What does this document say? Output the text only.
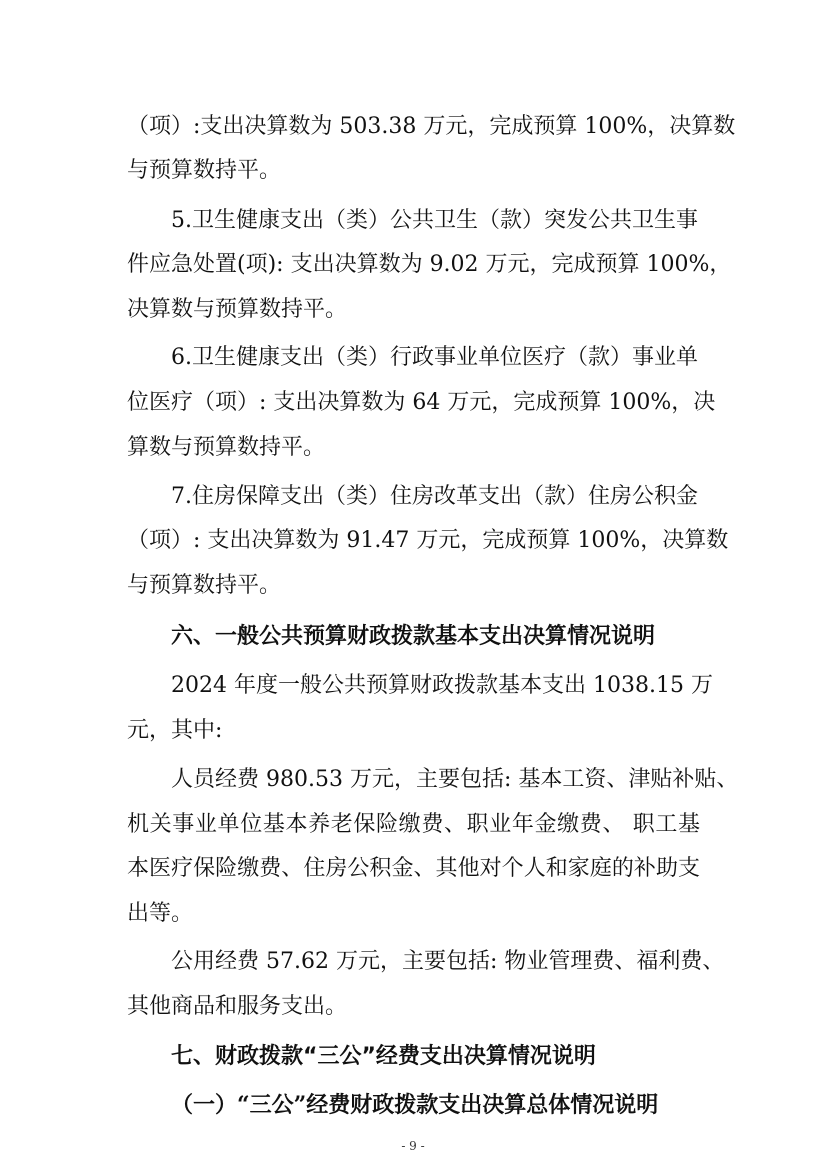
（项）:支出决算数为 503.38 万元，完成预算 100%，决算数
与预算数持平。
5.卫生健康支出（类）公共卫生（款）突发公共卫生事
件应急处置(项): 支出决算数为 9.02 万元，完成预算 100%，
决算数与预算数持平。
6.卫生健康支出（类）行政事业单位医疗（款）事业单
位医疗（项）: 支出决算数为 64 万元，完成预算 100%，决
算数与预算数持平。
7.住房保障支出（类）住房改革支出（款）住房公积金
（项）: 支出决算数为 91.47 万元，完成预算 100%，决算数
与预算数持平。
六、一般公共预算财政拨款基本支出决算情况说明
2024 年度一般公共预算财政拨款基本支出 1038.15 万
元，其中:
人员经费 980.53 万元，主要包括: 基本工资、津贴补贴、
机关事业单位基本养老保险缴费、职业年金缴费、 职工基
本医疗保险缴费、住房公积金、其他对个人和家庭的补助支
出等。
公用经费 57.62 万元，主要包括: 物业管理费、福利费、
其他商品和服务支出。
七、财政拨款“三公”经费支出决算情况说明
（一）“三公”经费财政拨款支出决算总体情况说明
- 9 -
